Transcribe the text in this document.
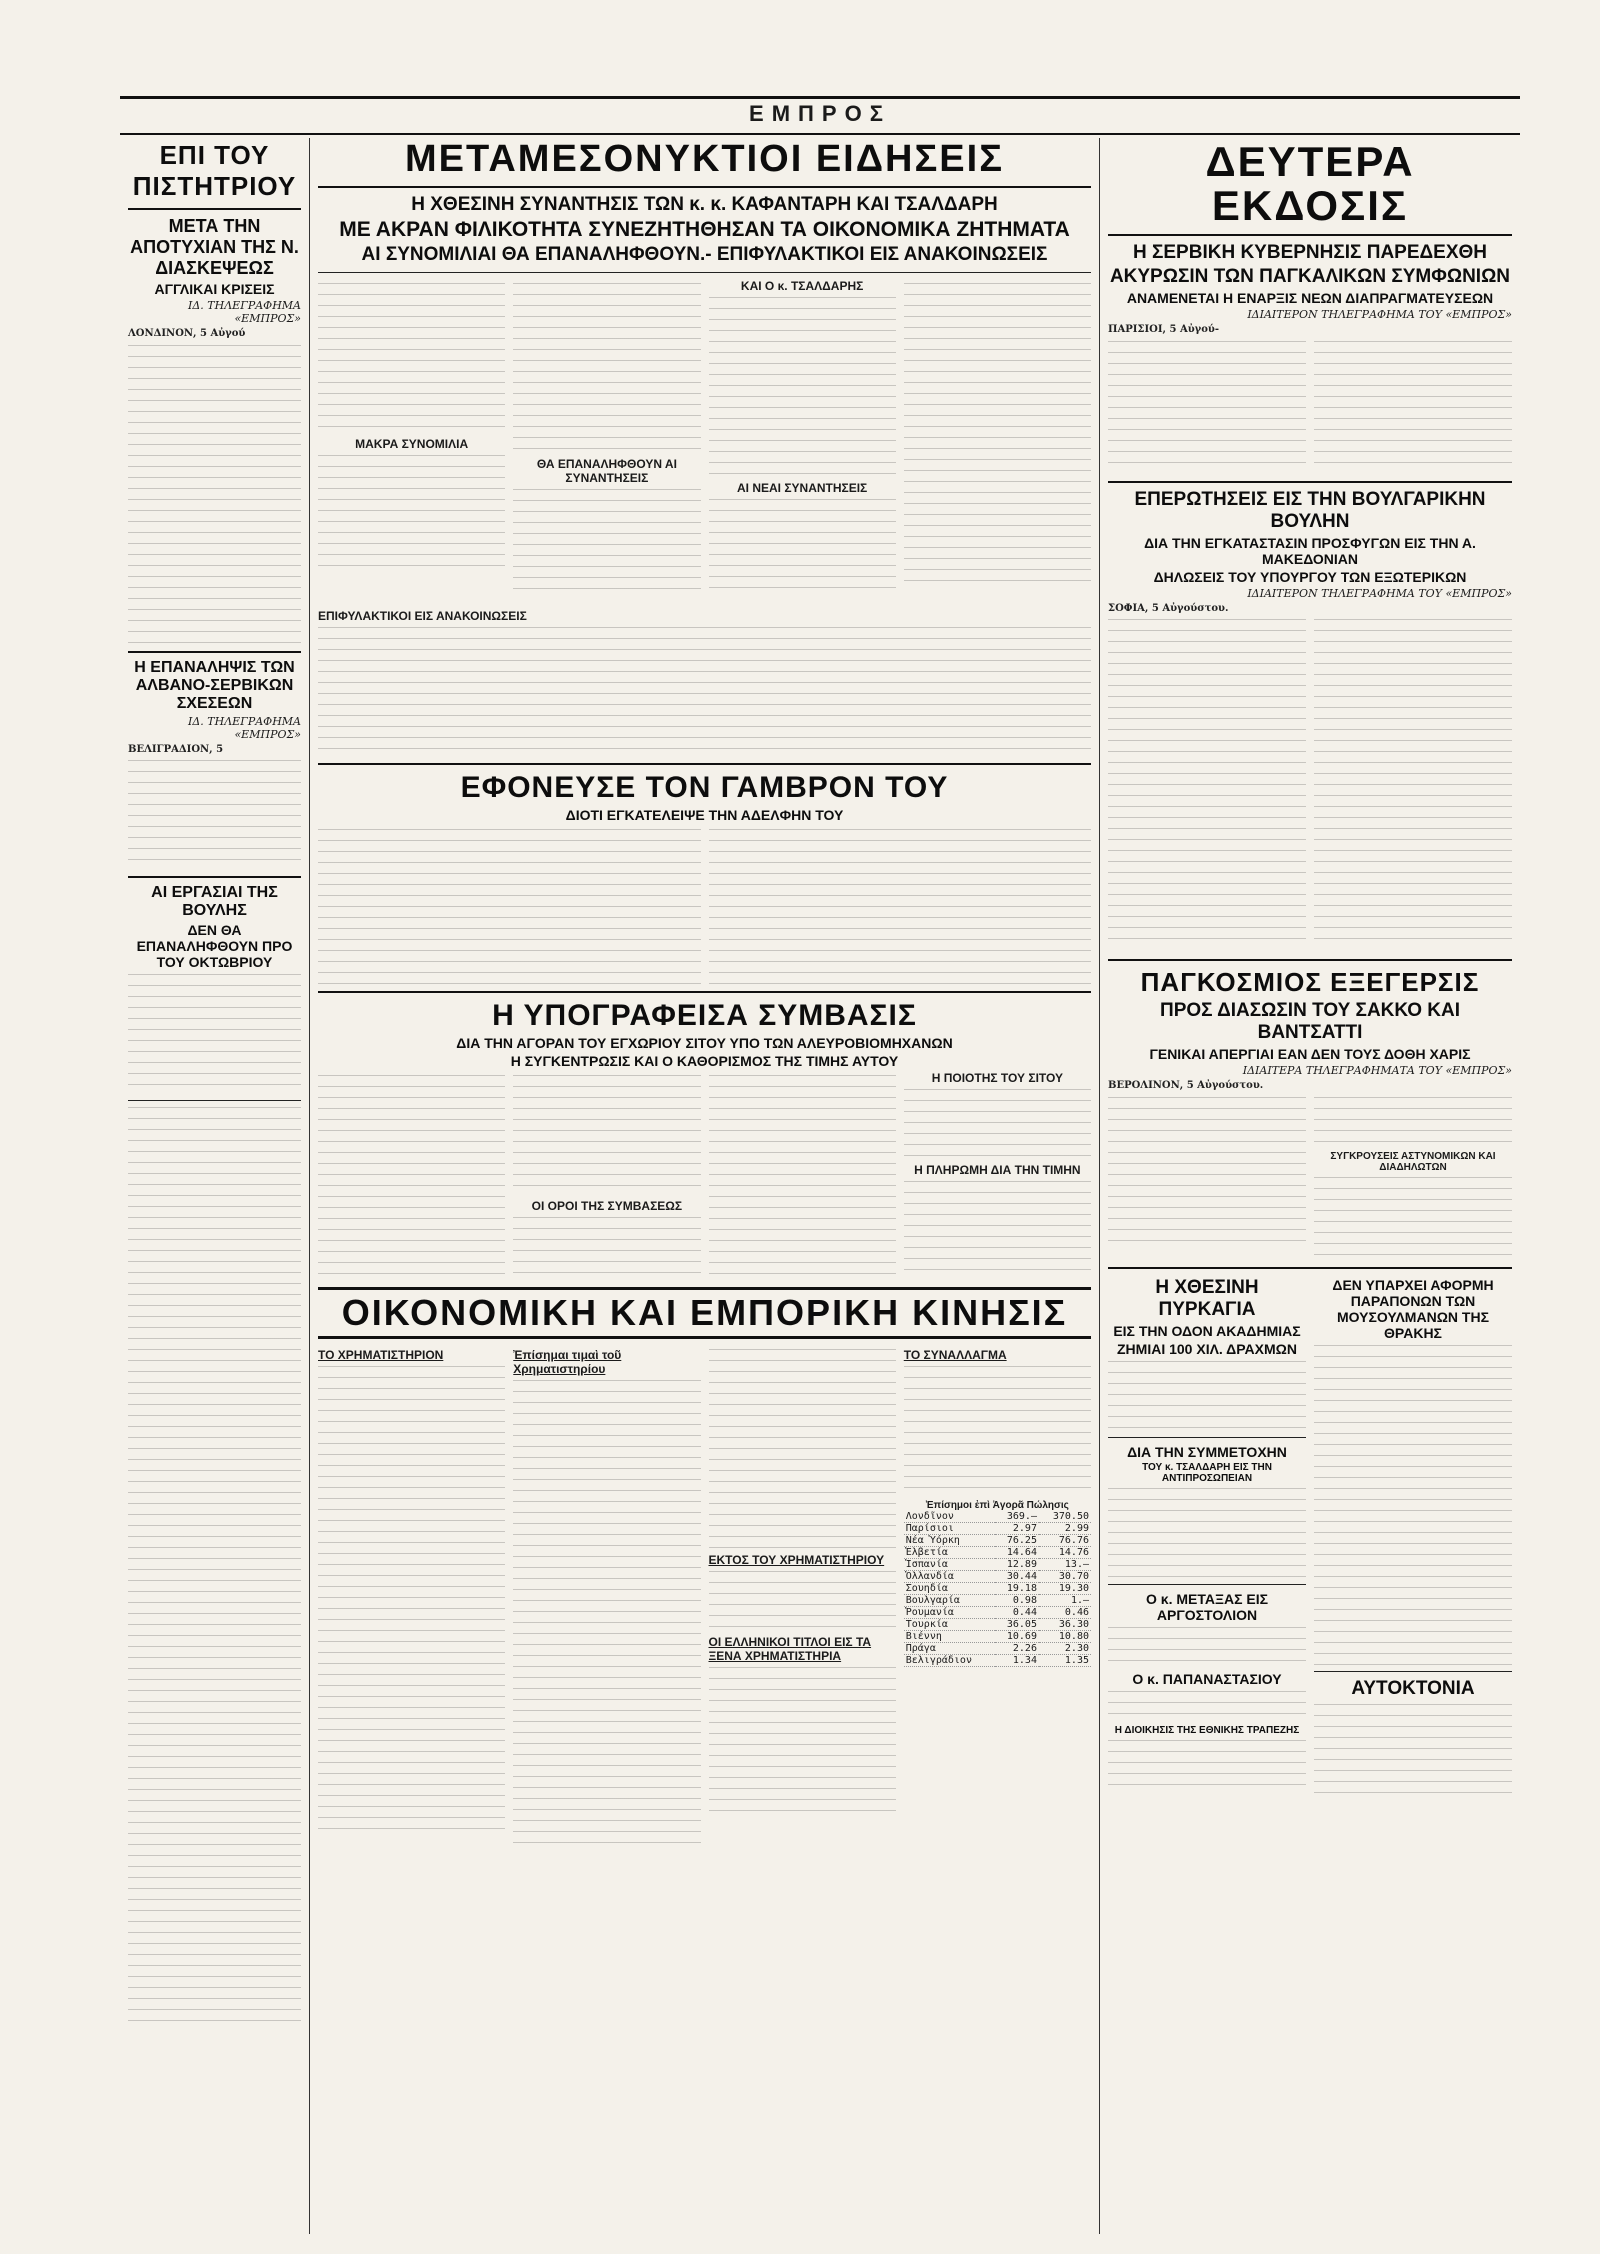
ΕΜΠΡΟΣ
ΕΠΙ ΤΟΥ ΠΙΣΤΗΤΡΙΟΥ
ΜΕΤΑ ΤΗΝ ΑΠΟΤΥΧΙΑΝ ΤΗΣ Ν. ΔΙΑΣΚΕΨΕΩΣ
ΑΓΓΛΙΚΑΙ ΚΡΙΣΕΙΣ
ΙΔ. ΤΗΛΕΓΡΑΦΗΜΑ «ΕΜΠΡΟΣ»
ΛΟΝΔΙΝΟΝ, 5 Αὐγού
Η ΕΠΑΝΑΛΗΨΙΣ ΤΩΝ ΑΛΒΑΝΟ-ΣΕΡΒΙΚΩΝ ΣΧΕΣΕΩΝ
ΙΔ. ΤΗΛΕΓΡΑΦΗΜΑ «ΕΜΠΡΟΣ»
ΒΕΛΙΓΡΑΔΙΟΝ, 5
ΑΙ ΕΡΓΑΣΙΑΙ ΤΗΣ ΒΟΥΛΗΣ
ΔΕΝ ΘΑ ΕΠΑΝΑΛΗΦΘΟΥΝ ΠΡΟ ΤΟΥ ΟΚΤΩΒΡΙΟΥ
ΜΕΤΑΜΕΣΟΝΥΚΤΙΟΙ ΕΙΔΗΣΕΙΣ
Η ΧΘΕΣΙΝΗ ΣΥΝΑΝΤΗΣΙΣ ΤΩΝ κ. κ. ΚΑΦΑΝΤΑΡΗ ΚΑΙ ΤΣΑΛΔΑΡΗ
ΜΕ ΑΚΡΑΝ ΦΙΛΙΚΟΤΗΤΑ ΣΥΝΕΖΗΤΗΘΗΣΑΝ ΤΑ ΟΙΚΟΝΟΜΙΚΑ ΖΗΤΗΜΑΤΑ
ΑΙ ΣΥΝΟΜΙΛΙΑΙ ΘΑ ΕΠΑΝΑΛΗΦΘΟΥΝ.- ΕΠΙΦΥΛΑΚΤΙΚΟΙ ΕΙΣ ΑΝΑΚΟΙΝΩΣΕΙΣ
ΜΑΚΡΑ ΣΥΝΟΜΙΛΙΑ
ΘΑ ΕΠΑΝΑΛΗΦΘΟΥΝ ΑΙ ΣΥΝΑΝΤΗΣΕΙΣ
ΚΑΙ Ο κ. ΤΣΑΛΔΑΡΗΣ
ΑΙ ΝΕΑΙ ΣΥΝΑΝΤΗΣΕΙΣ
ΕΠΙΦΥΛΑΚΤΙΚΟΙ ΕΙΣ ΑΝΑΚΟΙΝΩΣΕΙΣ
ΕΦΟΝΕΥΣΕ ΤΟΝ ΓΑΜΒΡΟΝ ΤΟΥ
ΔΙΟΤΙ ΕΓΚΑΤΕΛΕΙΨΕ ΤΗΝ ΑΔΕΛΦΗΝ ΤΟΥ
Η ΥΠΟΓΡΑΦΕΙΣΑ ΣΥΜΒΑΣΙΣ
ΔΙΑ ΤΗΝ ΑΓΟΡΑΝ ΤΟΥ ΕΓΧΩΡΙΟΥ ΣΙΤΟΥ ΥΠΟ ΤΩΝ ΑΛΕΥΡΟΒΙΟΜΗΧΑΝΩΝ
Η ΣΥΓΚΕΝΤΡΩΣΙΣ ΚΑΙ Ο ΚΑΘΟΡΙΣΜΟΣ ΤΗΣ ΤΙΜΗΣ ΑΥΤΟΥ
ΟΙ ΟΡΟΙ ΤΗΣ ΣΥΜΒΑΣΕΩΣ
Η ΠΟΙΟΤΗΣ ΤΟΥ ΣΙΤΟΥ
Η ΠΛΗΡΩΜΗ ΔΙΑ ΤΗΝ ΤΙΜΗΝ
ΟΙΚΟΝΟΜΙΚΗ ΚΑΙ ΕΜΠΟΡΙΚΗ ΚΙΝΗΣΙΣ
ΤΟ ΧΡΗΜΑΤΙΣΤΗΡΙΟΝ	Ἐπίσημαι τιμαὶ τοῦ Χρηματιστηρίου
ΕΚΤΟΣ ΤΟΥ ΧΡΗΜΑΤΙΣΤΗΡΙΟΥ
ΟΙ ΕΛΛΗΝΙΚΟΙ ΤΙΤΛΟΙ ΕΙΣ ΤΑ ΞΕΝΑ ΧΡΗΜΑΤΙΣΤΗΡΙΑ
ΤΟ ΣΥΝΑΛΛΑΓΜΑ
Ἐπίσημοι ἐπὶ Ἀγορᾶ Πώλησις
Λονδῖνον	369.—	370.50
Παρίσιοι	2.97	2.99
Νέα Ὑόρκη	76.25	76.76
Ἑλβετία	14.64	14.76
Ἰσπανία	12.89	13.—
Ὁλλανδία	30.44	30.70
Σουηδία	19.18	19.30
Βουλγαρία	0.98	1.—
Ῥουμανία	0.44	0.46
Τουρκία	36.05	36.30
Βιέννη	10.69	10.80
Πράγα	2.26	2.30
Βελιγράδιον	1.34	1.35
ΔΕΥΤΕΡΑ ΕΚΔΟΣΙΣ
Η ΣΕΡΒΙΚΗ ΚΥΒΕΡΝΗΣΙΣ ΠΑΡΕΔΕΧΘΗ
ΑΚΥΡΩΣΙΝ ΤΩΝ ΠΑΓΚΑΛΙΚΩΝ ΣΥΜΦΩΝΙΩΝ
ΑΝΑΜΕΝΕΤΑΙ Η ΕΝΑΡΞΙΣ ΝΕΩΝ ΔΙΑΠΡΑΓΜΑΤΕΥΣΕΩΝ
ΙΔΙΑΙΤΕΡΟΝ ΤΗΛΕΓΡΑΦΗΜΑ ΤΟΥ «ΕΜΠΡΟΣ»
ΠΑΡΙΣΙΟΙ, 5 Αὐγού-
ΕΠΕΡΩΤΗΣΕΙΣ ΕΙΣ ΤΗΝ ΒΟΥΛΓΑΡΙΚΗΝ ΒΟΥΛΗΝ
ΔΙΑ ΤΗΝ ΕΓΚΑΤΑΣΤΑΣΙΝ ΠΡΟΣΦΥΓΩΝ ΕΙΣ ΤΗΝ Α. ΜΑΚΕΔΟΝΙΑΝ
ΔΗΛΩΣΕΙΣ ΤΟΥ ΥΠΟΥΡΓΟΥ ΤΩΝ ΕΞΩΤΕΡΙΚΩΝ
ΙΔΙΑΙΤΕΡΟΝ ΤΗΛΕΓΡΑΦΗΜΑ ΤΟΥ «ΕΜΠΡΟΣ»
ΣΟΦΙΑ, 5 Αὐγούστου.
ΠΑΓΚΟΣΜΙΟΣ ΕΞΕΓΕΡΣΙΣ
ΠΡΟΣ ΔΙΑΣΩΣΙΝ ΤΟΥ ΣΑΚΚΟ ΚΑΙ ΒΑΝΤΣΑΤΤΙ
ΓΕΝΙΚΑΙ ΑΠΕΡΓΙΑΙ ΕΑΝ ΔΕΝ ΤΟΥΣ ΔΟΘΗ ΧΑΡΙΣ
ΙΔΙΑΙΤΕΡΑ ΤΗΛΕΓΡΑΦΗΜΑΤΑ ΤΟΥ «ΕΜΠΡΟΣ»
ΒΕΡΟΛΙΝΟΝ, 5 Αὐγούστου.
ΣΥΓΚΡΟΥΣΕΙΣ ΑΣΤΥΝΟΜΙΚΩΝ ΚΑΙ ΔΙΑΔΗΛΩΤΩΝ
Η ΧΘΕΣΙΝΗ ΠΥΡΚΑΓΙΑ
ΕΙΣ ΤΗΝ ΟΔΟΝ ΑΚΑΔΗΜΙΑΣ
ΖΗΜΙΑΙ 100 ΧΙΛ. ΔΡΑΧΜΩΝ
ΔΙΑ ΤΗΝ ΣΥΜΜΕΤΟΧΗΝ
ΤΟΥ κ. ΤΣΑΛΔΑΡΗ ΕΙΣ ΤΗΝ ΑΝΤΙΠΡΟΣΩΠΕΙΑΝ
Ο κ. ΜΕΤΑΞΑΣ ΕΙΣ ΑΡΓΟΣΤΟΛΙΟΝ
Ο κ. ΠΑΠΑΝΑΣΤΑΣΙΟΥ
Η ΔΙΟΙΚΗΣΙΣ ΤΗΣ ΕΘΝΙΚΗΣ ΤΡΑΠΕΖΗΣ
ΔΕΝ ΥΠΑΡΧΕΙ ΑΦΟΡΜΗ ΠΑΡΑΠΟΝΩΝ ΤΩΝ ΜΟΥΣΟΥΛΜΑΝΩΝ ΤΗΣ ΘΡΑΚΗΣ
ΑΥΤΟΚΤΟΝΙΑ
